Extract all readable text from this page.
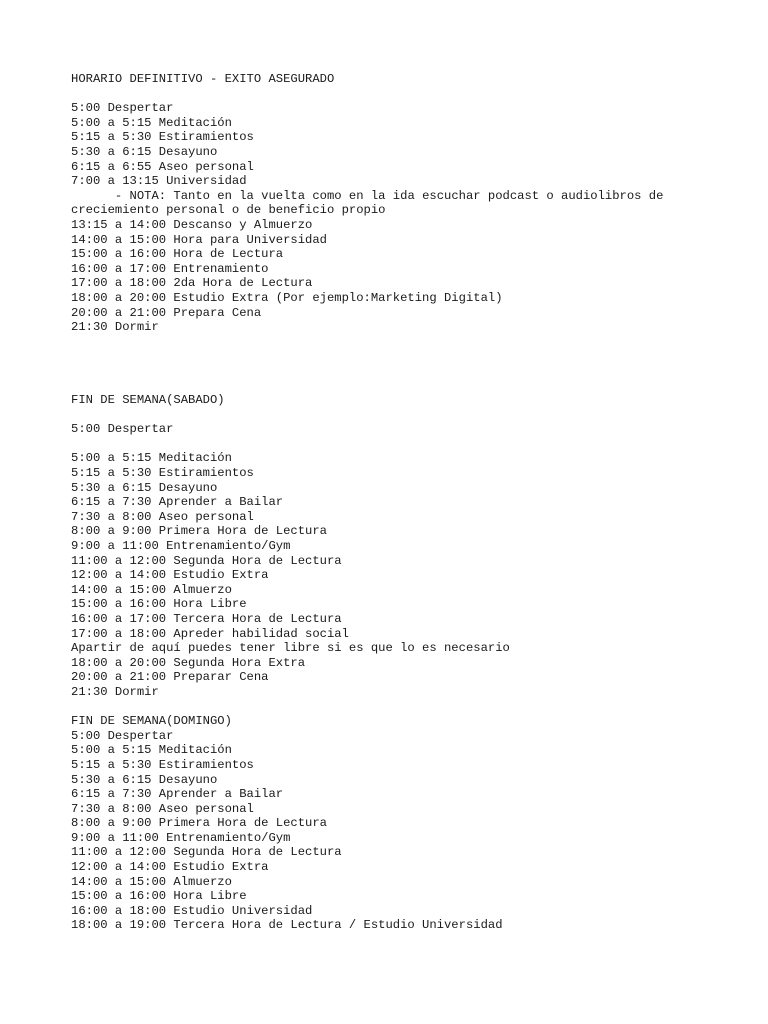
HORARIO DEFINITIVO - EXITO ASEGURADO
5:00 Despertar
5:00 a 5:15 Meditación
5:15 a 5:30 Estiramientos
5:30 a 6:15 Desayuno
6:15 a 6:55 Aseo personal
7:00 a 13:15 Universidad
- NOTA: Tanto en la vuelta como en la ida escuchar podcast o audiolibros de creciemiento personal o de beneficio propio
13:15 a 14:00 Descanso y Almuerzo
14:00 a 15:00 Hora para Universidad
15:00 a 16:00 Hora de Lectura
16:00 a 17:00 Entrenamiento
17:00 a 18:00 2da Hora de Lectura
18:00 a 20:00 Estudio Extra (Por ejemplo:Marketing Digital)
20:00 a 21:00 Prepara Cena
21:30 Dormir
FIN DE SEMANA(SABADO)
5:00 Despertar
5:00 a 5:15 Meditación
5:15 a 5:30 Estiramientos
5:30 a 6:15 Desayuno
6:15 a 7:30 Aprender a Bailar
7:30 a 8:00 Aseo personal
8:00 a 9:00 Primera Hora de Lectura
9:00 a 11:00 Entrenamiento/Gym
11:00 a 12:00 Segunda Hora de Lectura
12:00 a 14:00 Estudio Extra
14:00 a 15:00 Almuerzo
15:00 a 16:00 Hora Libre
16:00 a 17:00 Tercera Hora de Lectura
17:00 a 18:00 Apreder habilidad social
Apartir de aquí puedes tener libre si es que lo es necesario
18:00 a 20:00 Segunda Hora Extra
20:00 a 21:00 Preparar Cena
21:30 Dormir
FIN DE SEMANA(DOMINGO)
5:00 Despertar
5:00 a 5:15 Meditación
5:15 a 5:30 Estiramientos
5:30 a 6:15 Desayuno
6:15 a 7:30 Aprender a Bailar
7:30 a 8:00 Aseo personal
8:00 a 9:00 Primera Hora de Lectura
9:00 a 11:00 Entrenamiento/Gym
11:00 a 12:00 Segunda Hora de Lectura
12:00 a 14:00 Estudio Extra
14:00 a 15:00 Almuerzo
15:00 a 16:00 Hora Libre
16:00 a 18:00 Estudio Universidad
18:00 a 19:00 Tercera Hora de Lectura / Estudio Universidad
